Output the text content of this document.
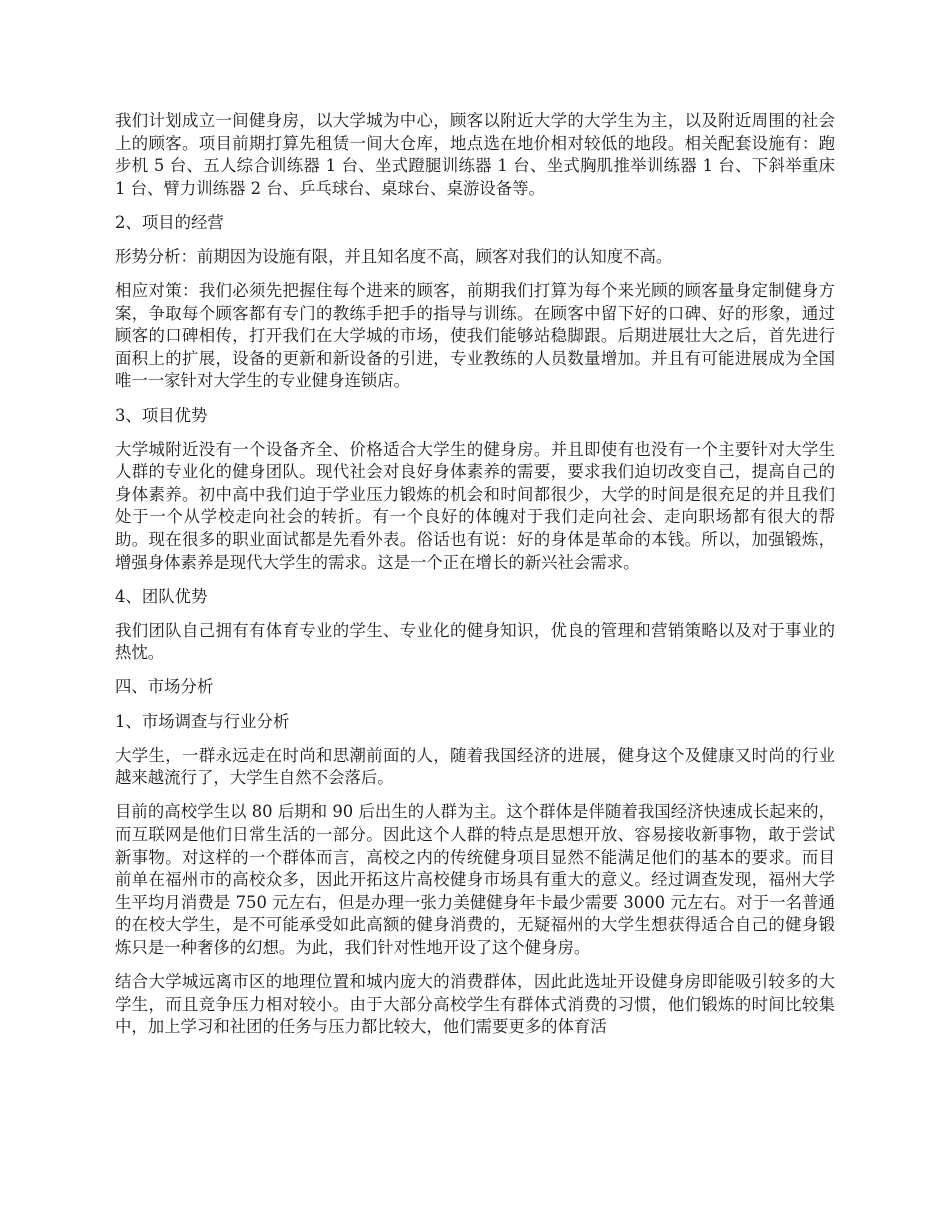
我们计划成立一间健身房，以大学城为中心，顾客以附近大学的大学生为主，以及附近周围的社会上的顾客。项目前期打算先租赁一间大仓库，地点选在地价相对较低的地段。相关配套设施有：跑步机 5 台、五人综合训练器 1 台、坐式蹬腿训练器 1 台、坐式胸肌推举训练器 1 台、下斜举重床 1 台、臂力训练器 2 台、乒乓球台、桌球台、桌游设备等。

2、项目的经营

形势分析：前期因为设施有限，并且知名度不高，顾客对我们的认知度不高。

相应对策：我们必须先把握住每个进来的顾客，前期我们打算为每个来光顾的顾客量身定制健身方案，争取每个顾客都有专门的教练手把手的指导与训练。在顾客中留下好的口碑、好的形象，通过顾客的口碑相传，打开我们在大学城的市场，使我们能够站稳脚跟。后期进展壮大之后，首先进行面积上的扩展，设备的更新和新设备的引进，专业教练的人员数量增加。并且有可能进展成为全国唯一一家针对大学生的专业健身连锁店。

3、项目优势

大学城附近没有一个设备齐全、价格适合大学生的健身房。并且即使有也没有一个主要针对大学生人群的专业化的健身团队。现代社会对良好身体素养的需要，要求我们迫切改变自己，提高自己的身体素养。初中高中我们迫于学业压力锻炼的机会和时间都很少，大学的时间是很充足的并且我们处于一个从学校走向社会的转折。有一个良好的体魄对于我们走向社会、走向职场都有很大的帮助。现在很多的职业面试都是先看外表。俗话也有说：好的身体是革命的本钱。所以，加强锻炼，增强身体素养是现代大学生的需求。这是一个正在增长的新兴社会需求。

4、团队优势

我们团队自己拥有有体育专业的学生、专业化的健身知识，优良的管理和营销策略以及对于事业的热忱。

四、市场分析

1、市场调查与行业分析

大学生，一群永远走在时尚和思潮前面的人，随着我国经济的进展，健身这个及健康又时尚的行业越来越流行了，大学生自然不会落后。

目前的高校学生以 80 后期和 90 后出生的人群为主。这个群体是伴随着我国经济快速成长起来的，而互联网是他们日常生活的一部分。因此这个人群的特点是思想开放、容易接收新事物，敢于尝试新事物。对这样的一个群体而言，高校之内的传统健身项目显然不能满足他们的基本的要求。而目前单在福州市的高校众多，因此开拓这片高校健身市场具有重大的意义。经过调查发现，福州大学生平均月消费是 750 元左右，但是办理一张力美健健身年卡最少需要 3000 元左右。对于一名普通的在校大学生，是不可能承受如此高额的健身消费的，无疑福州的大学生想获得适合自己的健身锻炼只是一种奢侈的幻想。为此，我们针对性地开设了这个健身房。

结合大学城远离市区的地理位置和城内庞大的消费群体，因此此选址开设健身房即能吸引较多的大学生，而且竞争压力相对较小。由于大部分高校学生有群体式消费的习惯，他们锻炼的时间比较集中，加上学习和社团的任务与压力都比较大，他们需要更多的体育活
